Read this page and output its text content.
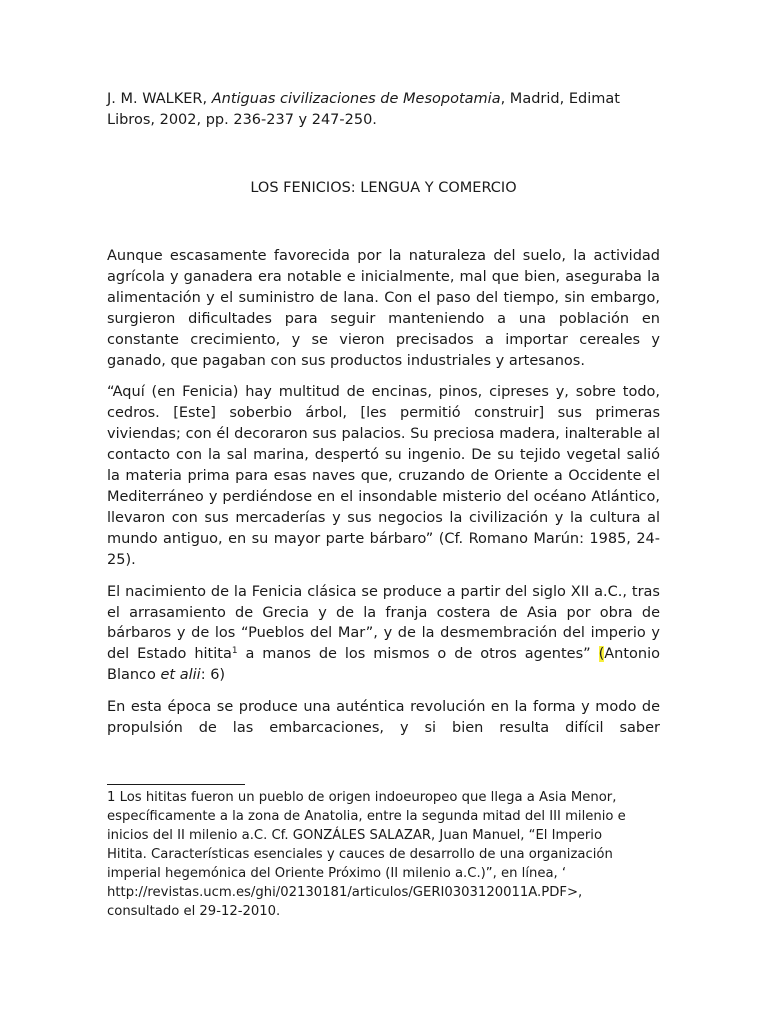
J. M. WALKER, Antiguas civilizaciones de Mesopotamia, Madrid, Edimat Libros, 2002, pp. 236-237 y 247-250.
LOS FENICIOS: LENGUA Y COMERCIO

Aunque escasamente favorecida por la naturaleza del suelo, la actividad agrícola y ganadera era notable e inicialmente, mal que bien, aseguraba la alimentación y el suministro de lana. Con el paso del tiempo, sin embargo, surgieron dificultades para seguir manteniendo a una población en constante crecimiento, y se vieron precisados a importar cereales y ganado, que pagaban con sus productos industriales y artesanos.

“Aquí (en Fenicia) hay multitud de encinas, pinos, cipreses y, sobre todo, cedros. [Este] soberbio árbol, [les permitió construir] sus primeras viviendas; con él decoraron sus palacios. Su preciosa madera, inalterable al contacto con la sal marina, despertó su ingenio. De su tejido vegetal salió la materia prima para esas naves que, cruzando de Oriente a Occidente el Mediterráneo y perdiéndose en el insondable misterio del océano Atlántico, llevaron con sus mercaderías y sus negocios la civilización y la cultura al mundo antiguo, en su mayor parte bárbaro” (Cf. Romano Marún: 1985, 24-25).

El nacimiento de la Fenicia clásica se produce a partir del siglo XII a.C., tras el arrasamiento de Grecia y de la franja costera de Asia por obra de bárbaros y de los “Pueblos del Mar”, y de la desmembración del imperio y del Estado hitita$^1$ a manos de los mismos o de otros agentes” (Antonio Blanco et alii: 6)

En esta época se produce una auténtica revolución en la forma y modo de propulsión de las embarcaciones, y si bien resulta difícil saber

1 Los hititas fueron un pueblo de origen indoeuropeo que llega a Asia Menor,
específicamente a la zona de Anatolia, entre la segunda mitad del III milenio e
inicios del II milenio a.C. Cf. GONZÁLES SALAZAR, Juan Manuel, “El Imperio
Hitita. Características esenciales y cauces de desarrollo de una organización
imperial hegemónica del Oriente Próximo (II milenio a.C.)”, en línea, ‘
http://revistas.ucm.es/ghi/02130181/articulos/GERI0303120011A.PDF>,
consultado el 29-12-2010.
